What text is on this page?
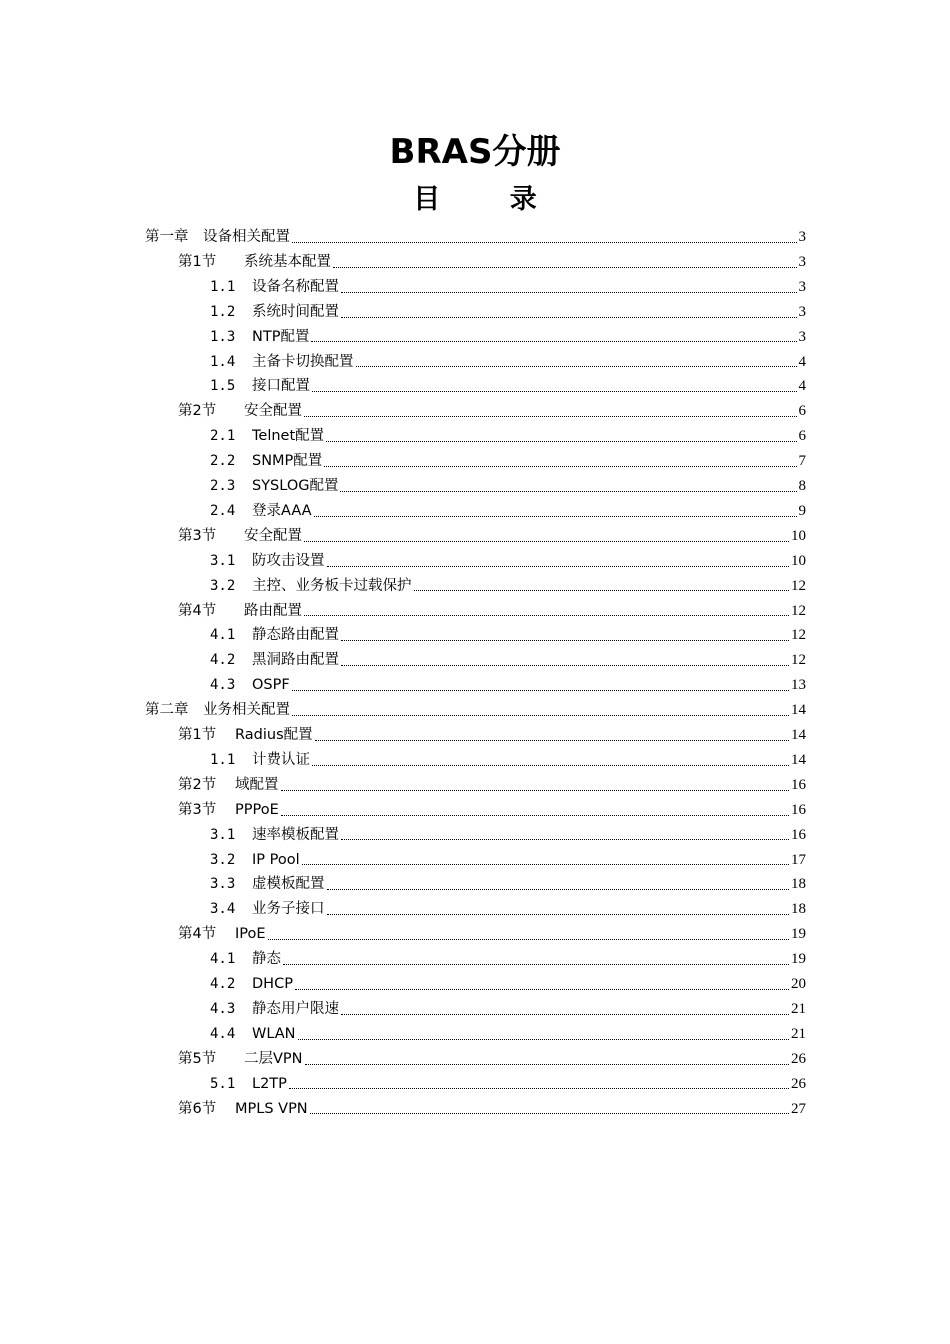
BRAS分册
目 录
第一章	设备相关配置	3
第1节	系统基本配置	3
1.1	设备名称配置	3
1.2	系统时间配置	3
1.3	NTP配置	3
1.4	主备卡切换配置	4
1.5	接口配置	4
第2节	安全配置	6
2.1	Telnet配置	6
2.2	SNMP配置	7
2.3	SYSLOG配置	8
2.4	登录AAA	9
第3节	安全配置	10
3.1	防攻击设置	10
3.2	主控、业务板卡过载保护	12
第4节	路由配置	12
4.1	静态路由配置	12
4.2	黑洞路由配置	12
4.3	OSPF	13
第二章	业务相关配置	14
第1节	Radius配置	14
1.1	计费认证	14
第2节	域配置	16
第3节	PPPoE	16
3.1	速率模板配置	16
3.2	IP Pool	17
3.3	虚模板配置	18
3.4	业务子接口	18
第4节	IPoE	19
4.1	静态	19
4.2	DHCP	20
4.3	静态用户限速	21
4.4	WLAN	21
第5节	二层VPN	26
5.1	L2TP	26
第6节	MPLS VPN	27
